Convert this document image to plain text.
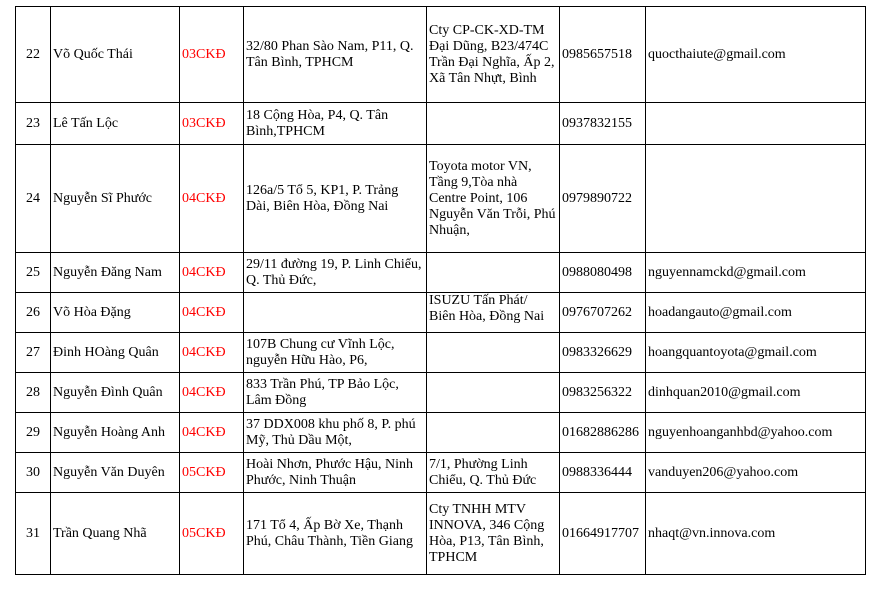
22	Võ Quốc Thái	03CKĐ	32/80 Phan Sào Nam, P11, Q. Tân Bình, TPHCM	Cty CP-CK-XD-TM Đại Dũng, B23/474C Trần Đại Nghĩa, Ấp 2, Xã Tân Nhựt, Bình	0985657518	quocthaiute@gmail.com
23	Lê Tấn Lộc	03CKĐ	18 Cộng Hòa, P4, Q. Tân Bình,TPHCM		0937832155	
24	Nguyễn Sĩ Phước	04CKĐ	126a/5 Tổ 5, KP1, P. Trảng Dài, Biên Hòa, Đồng Nai	Toyota motor VN, Tầng 9,Tòa nhà Centre Point, 106 Nguyễn Văn Trỗi, Phú Nhuận,	0979890722	
25	Nguyễn Đăng Nam	04CKĐ	29/11 đường 19, P. Linh Chiểu, Q. Thủ Đức,		0988080498	nguyennamckd@gmail.com
26	Võ Hòa Đặng	04CKĐ		ISUZU Tấn Phát/ Biên Hòa, Đồng Nai	0976707262	hoadangauto@gmail.com
27	Đinh HOàng Quân	04CKĐ	107B Chung cư Vĩnh Lộc, nguyễn Hữu Hào, P6,		0983326629	hoangquantoyota@gmail.com
28	Nguyễn Đình Quân	04CKĐ	833 Trần Phú, TP Bảo Lộc, Lâm Đồng		0983256322	dinhquan2010@gmail.com
29	Nguyễn Hoàng Anh	04CKĐ	37 DDX008 khu phố 8, P. phú Mỹ, Thủ Dầu Một,		01682886286	nguyenhoanganhbd@yahoo.com
30	Nguyễn Văn Duyên	05CKĐ	Hoài Nhơn, Phước Hậu, Ninh Phước, Ninh Thuận	7/1, Phường Linh Chiểu, Q. Thủ Đức	0988336444	vanduyen206@yahoo.com
31	Trần Quang Nhã	05CKĐ	171 Tổ 4, Ấp Bờ Xe, Thạnh Phú, Châu Thành, Tiền Giang	Cty TNHH MTV INNOVA, 346 Cộng Hòa, P13, Tân Bình, TPHCM	01664917707	nhaqt@vn.innova.com
